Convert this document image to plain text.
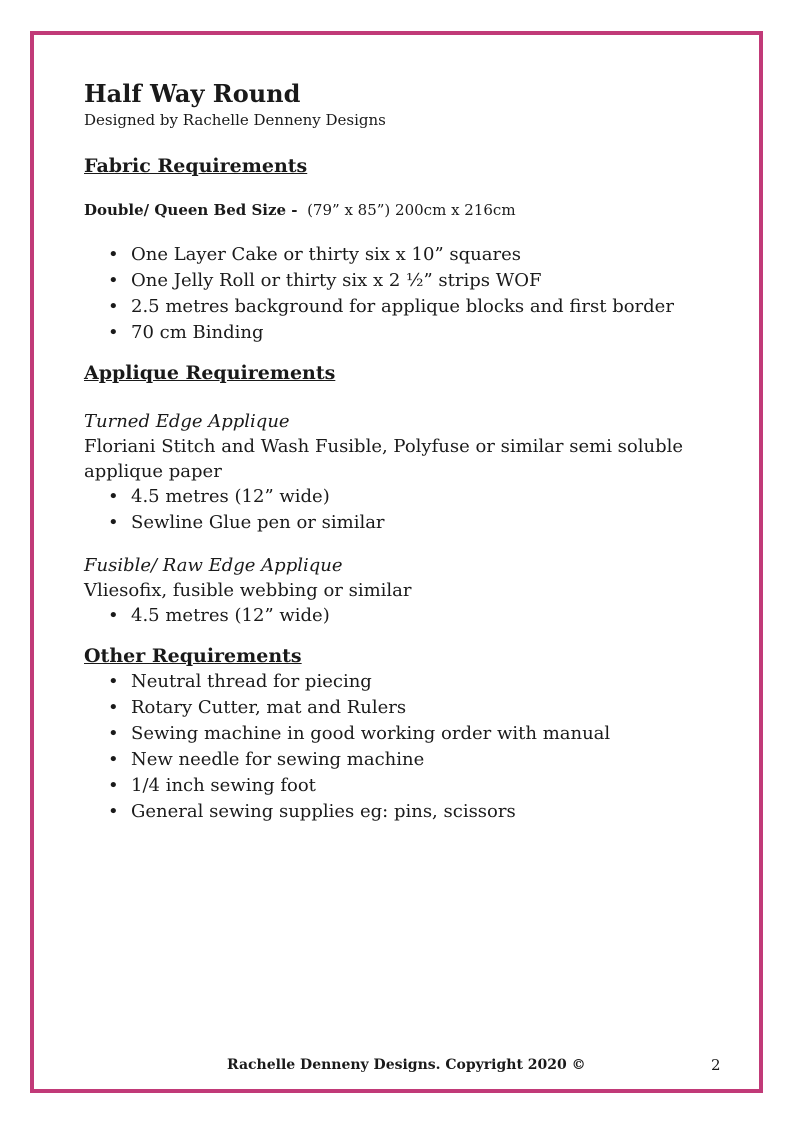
Half Way Round

Designed by Rachelle Denneny Designs

Fabric Requirements

Double/ Queen Bed Size - (79” x 85”) 200cm x 216cm

• One Layer Cake or thirty six x 10” squares
• One Jelly Roll or thirty six x 2 ½” strips WOF
• 2.5 metres background for applique blocks and first border
• 70 cm Binding
Applique Requirements

Turned Edge Applique

Floriani Stitch and Wash Fusible, Polyfuse or similar semi soluble applique paper

• 4.5 metres (12” wide)
• Sewline Glue pen or similar

Fusible/ Raw Edge Applique

Vliesofix, fusible webbing or similar

• 4.5 metres (12” wide)
Other Requirements
• Neutral thread for piecing
• Rotary Cutter, mat and Rulers
• Sewing machine in good working order with manual
• New needle for sewing machine
• 1/4 inch sewing foot
• General sewing supplies eg: pins, scissors
Rachelle Denneny Designs. Copyright 2020 ©	2
